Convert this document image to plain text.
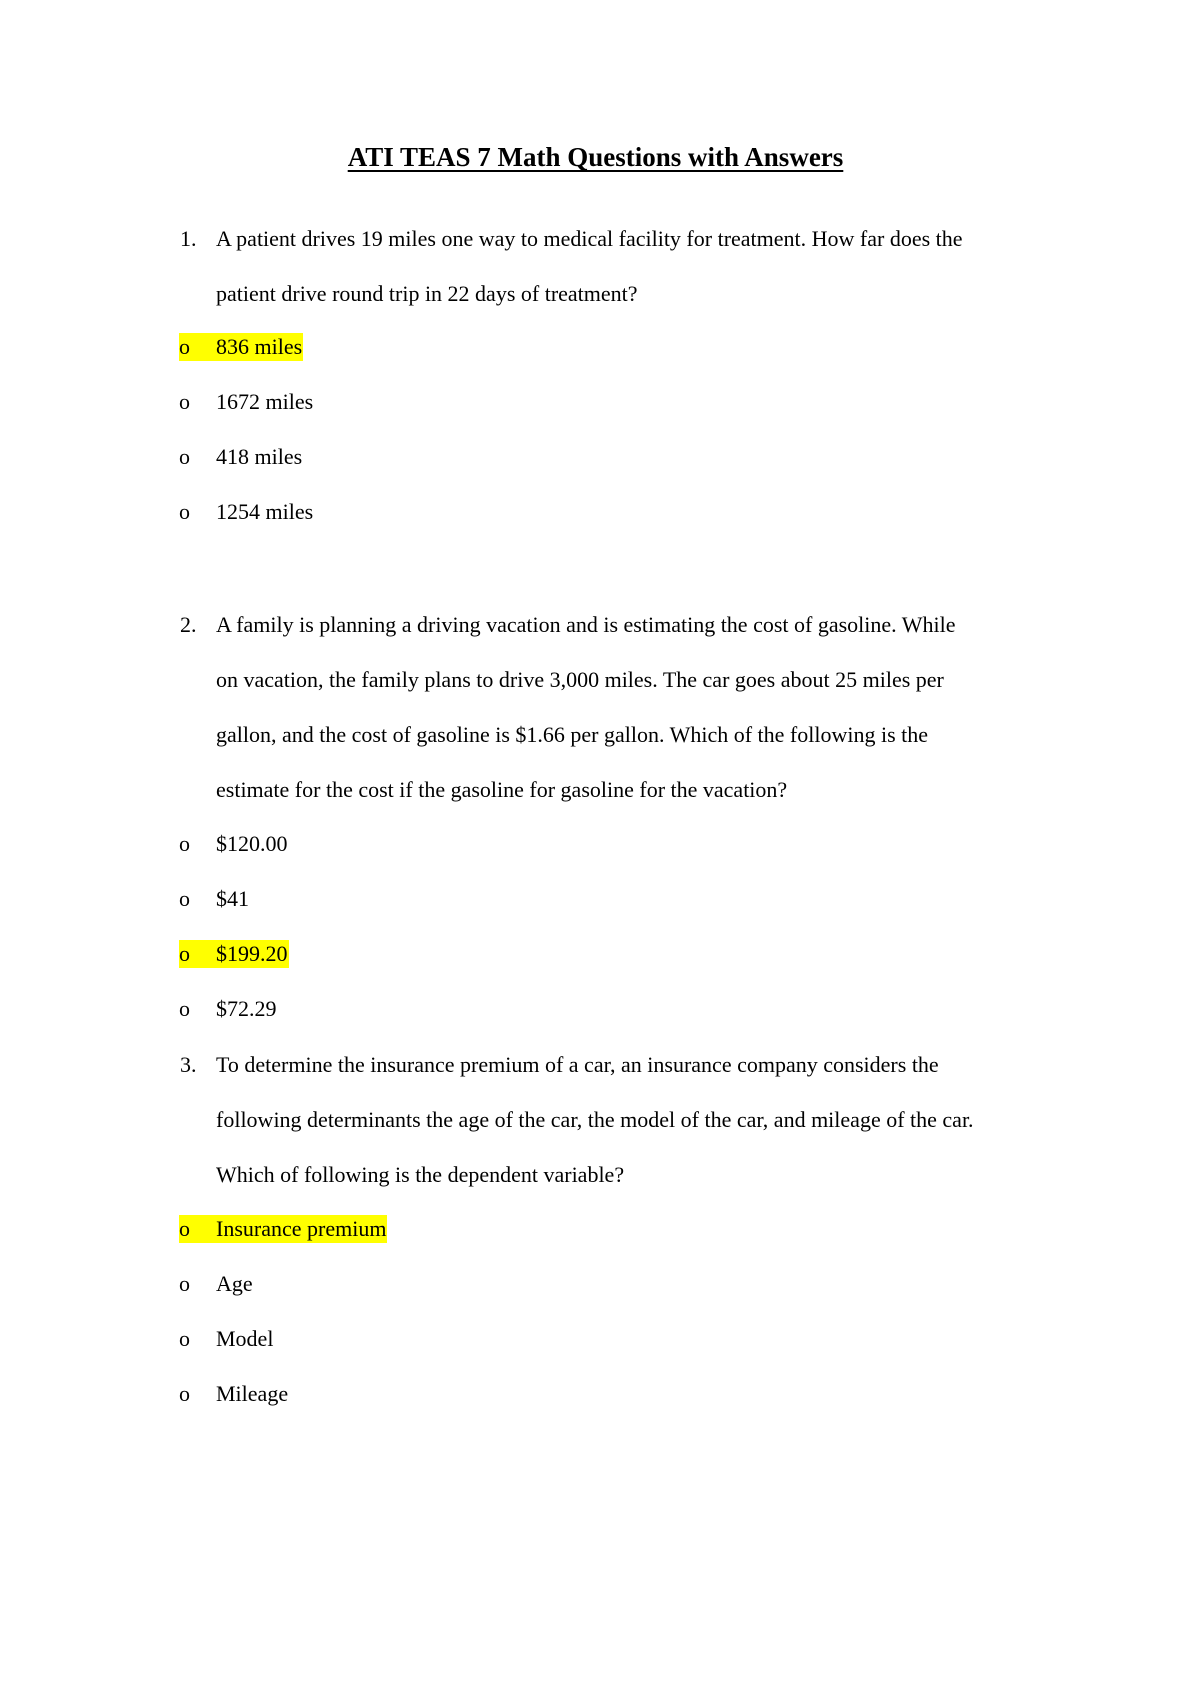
ATI TEAS 7 Math Questions with Answers
1. A patient drives 19 miles one way to medical facility for treatment. How far does the
patient drive round trip in 22 days of treatment?
o 836 miles
o 1672 miles
o 418 miles
o 1254 miles
2. A family is planning a driving vacation and is estimating the cost of gasoline. While
on vacation, the family plans to drive 3,000 miles. The car goes about 25 miles per
gallon, and the cost of gasoline is $1.66 per gallon. Which of the following is the
estimate for the cost if the gasoline for gasoline for the vacation?
o $120.00
o $41
o $199.20
o $72.29
3. To determine the insurance premium of a car, an insurance company considers the
following determinants the age of the car, the model of the car, and mileage of the car.
Which of following is the dependent variable?
o Insurance premium
o Age
o Model
o Mileage
